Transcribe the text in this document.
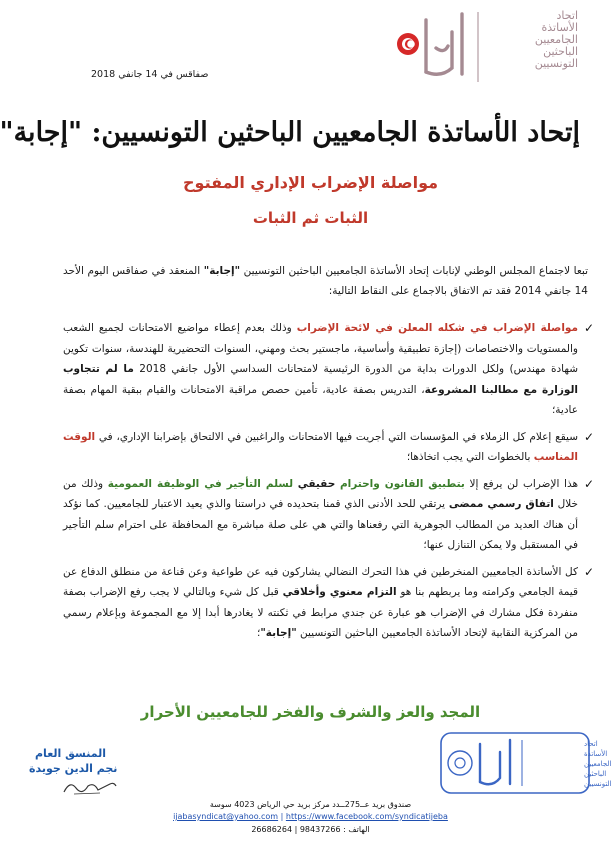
اتحاد
الأساتذة
الجامعيين
الباحثين
التونسيين
صفاقس في 14 جانفي 2018
إتحاد الأساتذة الجامعيين الباحثين التونسيين: "إجابة"
مواصلة الإضراب الإداري المفتوح
الثبات ثم الثبات
تبعا لاجتماع المجلس الوطني لإنابات إتحاد الأساتذة الجامعيين الباحثين التونسيين "إجابة" المنعقد في صفاقس اليوم الأحد 14 جانفي 2014 فقد تم الاتفاق بالاجماع على النقاط التالية:
✓
مواصلة الإضراب في شكله المعلن في لائحة الإضراب وذلك بعدم إعطاء مواضيع الامتحانات لجميع الشعب والمستويات والاختصاصات (إجازة تطبيقية وأساسية، ماجستير بحث ومهني، السنوات التحضيرية للهندسة، سنوات تكوين شهادة مهندس) ولكل الدورات بداية من الدورة الرئيسية لامتحانات السداسي الأول جانفي 2018 ما لم تتجاوب الوزارة مع مطالبنا المشروعة، التدريس بصفة عادية، تأمين حصص مراقبة الامتحانات والقيام ببقية المهام بصفة عادية؛
✓
سيقع إعلام كل الزملاء في المؤسسات التي أجريت فيها الامتحانات والراغبين في الالتحاق بإضرابنا الإداري، في الوقت المناسب بالخطوات التي يجب اتخاذها؛
✓
هذا الإضراب لن يرفع إلا بتطبيق القانون واحترام حقيقي لسلم التأجير في الوظيفة العمومية وذلك من خلال اتفاق رسمي ممضى يرتقي للحد الأدنى الذي قمنا بتحديده في دراستنا والذي يعيد الاعتبار للجامعيين. كما نؤكد أن هناك العديد من المطالب الجوهرية التي رفعناها والتي هي على صلة مباشرة مع المحافظة على احترام سلم التأجير في المستقبل ولا يمكن التنازل عنها؛
✓
كل الأساتذة الجامعيين المنخرطين في هذا التحرك النضالي يشاركون فيه عن طواعية وعن قناعة من منطلق الدفاع عن قيمة الجامعي وكرامته وما يربطهم بنا هو التزام معنوي وأخلاقي قبل كل شيء وبالتالي لا يجب رفع الإضراب بصفة منفردة فكل مشارك في الإضراب هو عبارة عن جندي مرابط في ثكنته لا يغادرها أبدا إلا مع المجموعة وبإعلام رسمي من المركزية النقابية لإتحاد الأساتذة الجامعيين الباحثين التونسيين "إجابة"؛
المجد والعز والشرف والفخر للجامعيين الأحرار
المنسق العام
نجم الدين جويدة
اتحاد
الأساتذة
الجامعيين
الباحثين
التونسيين
صندوق بريد عــ275ــدد مركز بريد حي الرياض 4023 سوسة
ijabasyndicat@yahoo.com | https://www.facebook.com/syndicatijeba
الهاتف : 98437266 | 26686264
